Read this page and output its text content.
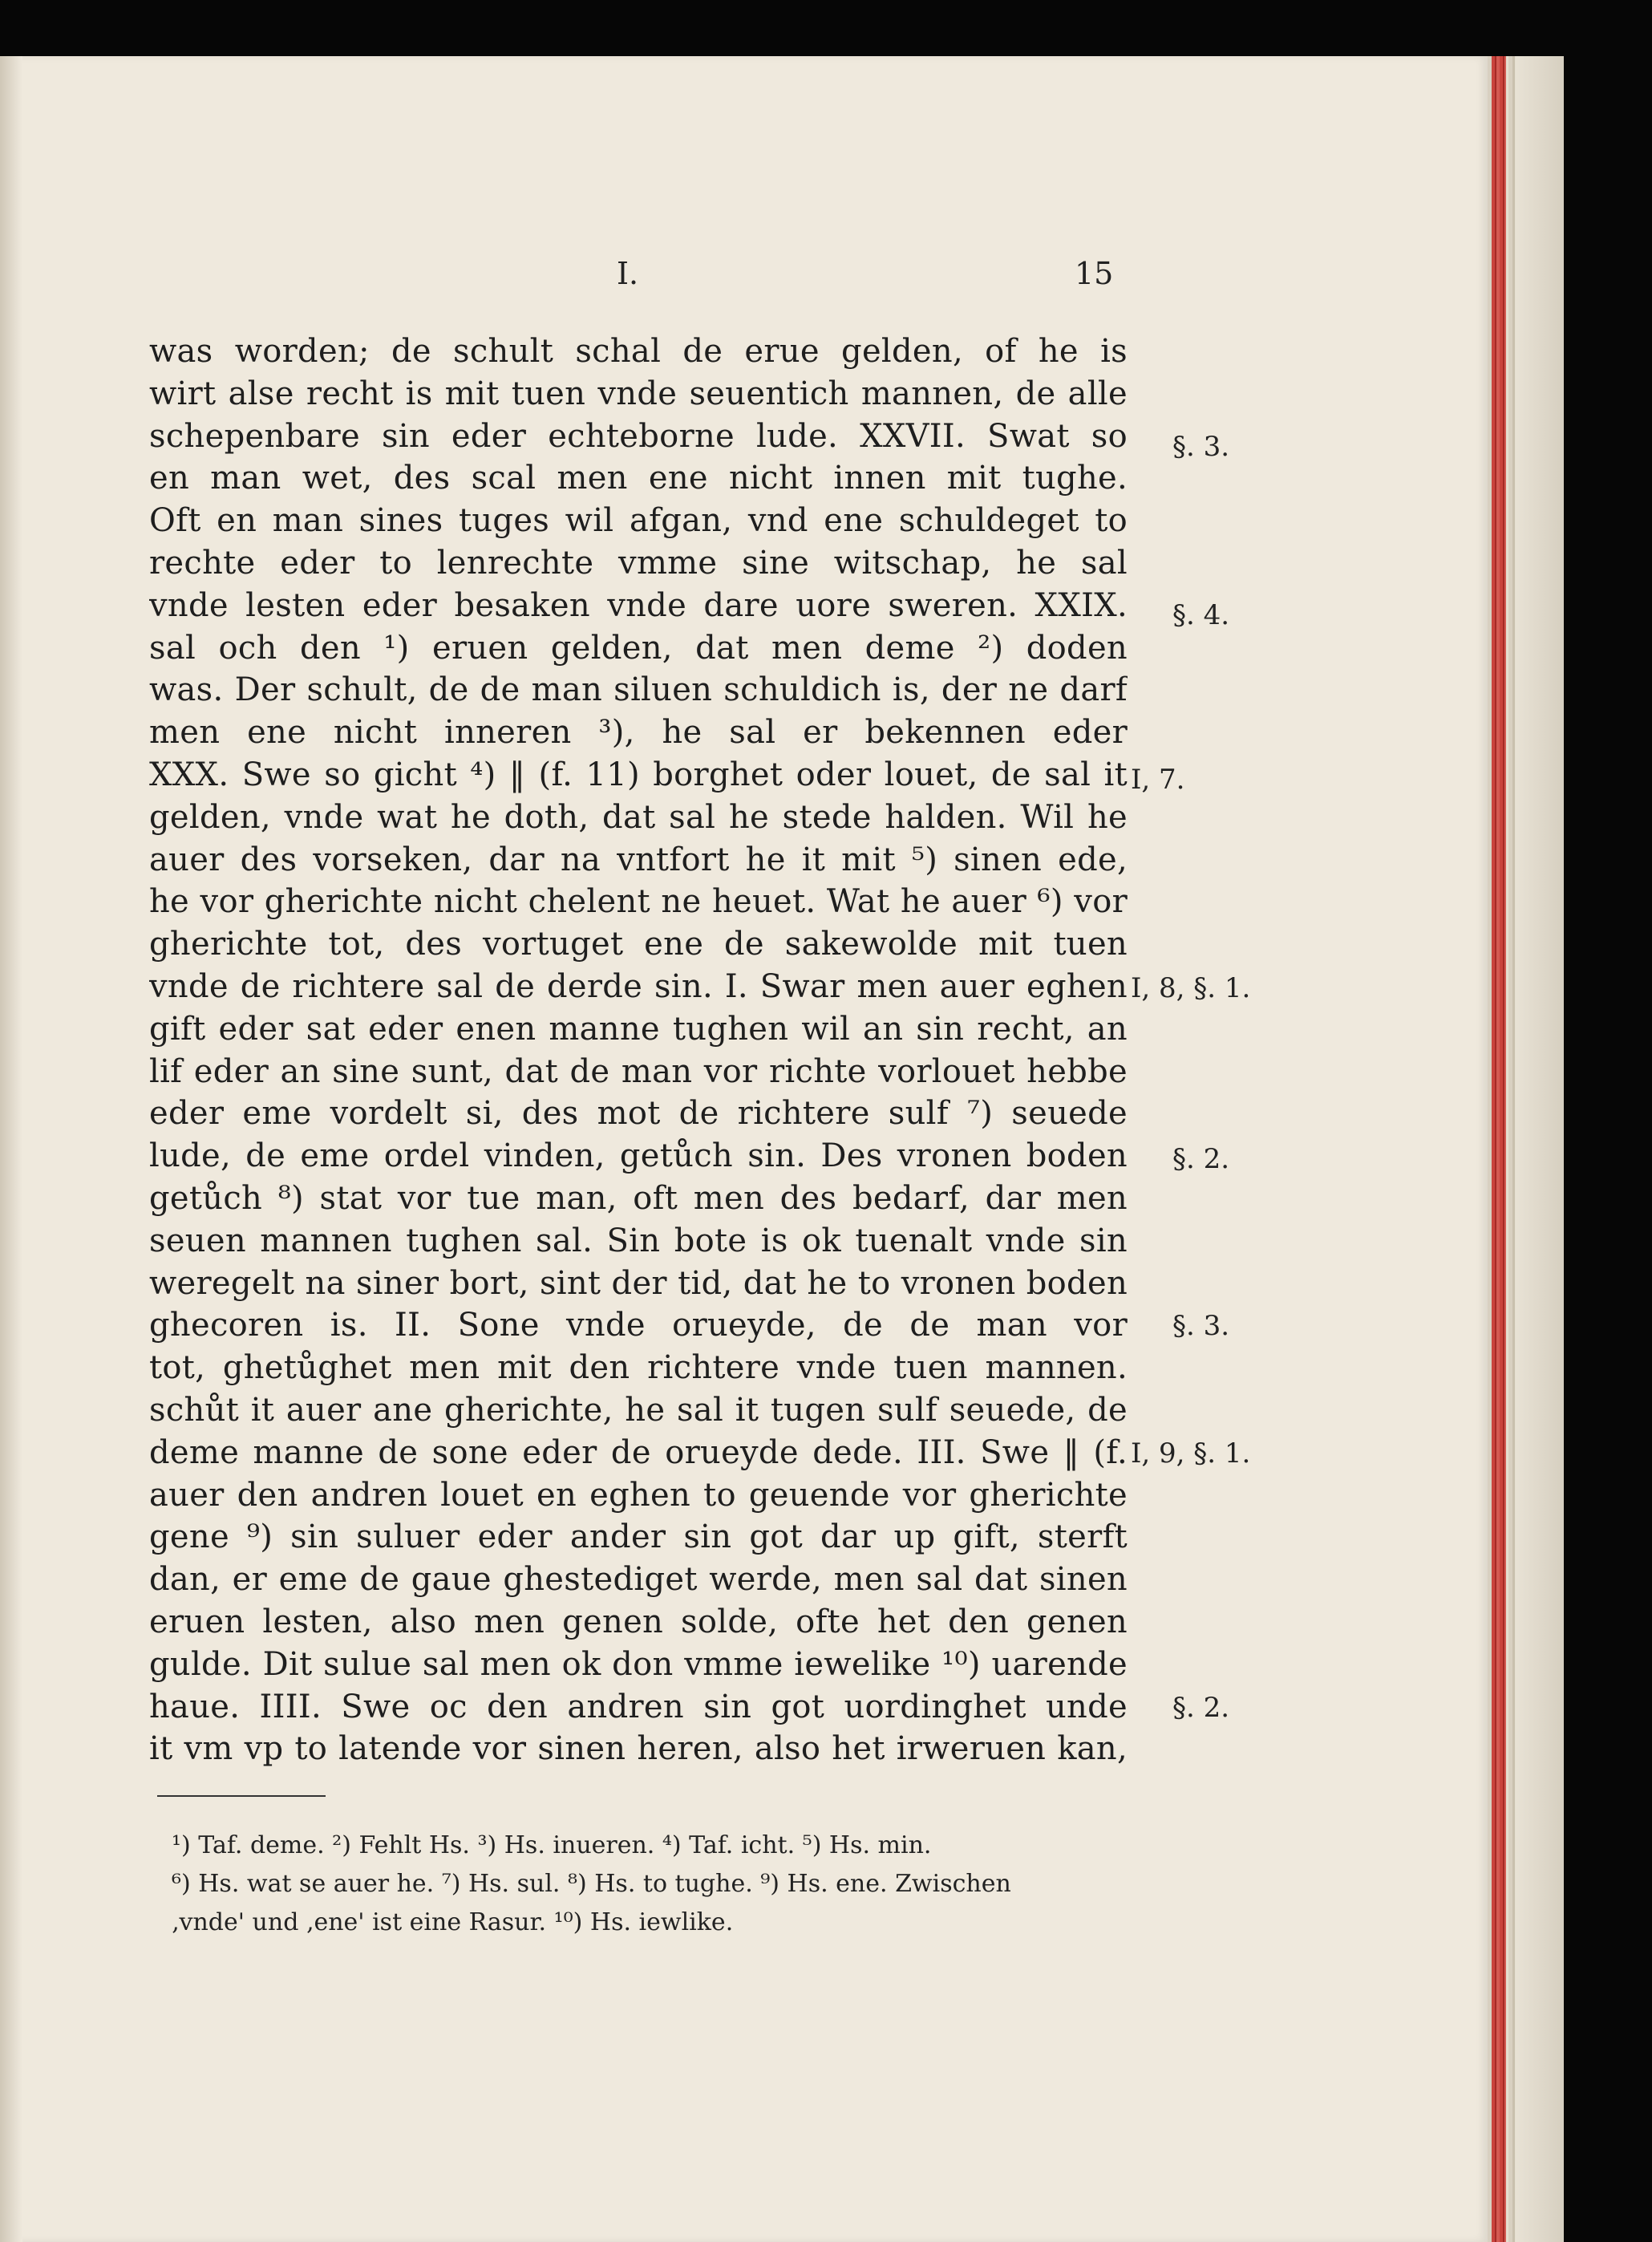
I.	15
was worden; de schult schal de erue gelden, of he is
wirt alse recht is mit tuen vnde seuentich mannen, de alle
schepenbare sin eder echteborne lude. XXVII. Swat so
en man wet, des scal men ene nicht innen mit tughe.
Oft en man sines tuges wil afgan, vnd ene schuldeget to
rechte eder to lenrechte vmme sine witschap, he sal
vnde lesten eder besaken vnde dare uore sweren. XXIX.
sal och den ¹) eruen gelden, dat men deme ²) doden
was. Der schult, de de man siluen schuldich is, der ne darf
men ene nicht inneren ³), he sal er bekennen eder
XXX. Swe so gicht ⁴) ‖ (f. 11) borghet oder louet, de sal it
gelden, vnde wat he doth, dat sal he stede halden. Wil he
auer des vorseken, dar na vntfort he it mit ⁵) sinen ede,
he vor gherichte nicht chelent ne heuet. Wat he auer ⁶) vor
gherichte tot, des vortuget ene de sakewolde mit tuen
vnde de richtere sal de derde sin. I. Swar men auer eghen
gift eder sat eder enen manne tughen wil an sin recht, an
lif eder an sine sunt, dat de man vor richte vorlouet hebbe
eder eme vordelt si, des mot de richtere sulf ⁷) seuede
lude, de eme ordel vinden, getůch sin. Des vronen boden
getůch ⁸) stat vor tue man, oft men des bedarf, dar men
seuen mannen tughen sal. Sin bote is ok tuenalt vnde sin
weregelt na siner bort, sint der tid, dat he to vronen boden
ghecoren is. II. Sone vnde orueyde, de de man vor
tot, ghetůghet men mit den richtere vnde tuen mannen.
schůt it auer ane gherichte, he sal it tugen sulf seuede, de
deme manne de sone eder de orueyde dede. III. Swe ‖ (f.
auer den andren louet en eghen to geuende vor gherichte
gene ⁹) sin suluer eder ander sin got dar up gift, sterft
dan, er eme de gaue ghestediget werde, men sal dat sinen
eruen lesten, also men genen solde, ofte het den genen
gulde. Dit sulue sal men ok don vmme iewelike ¹⁰) uarende
haue. IIII. Swe oc den andren sin got uordinghet unde
it vm vp to latende vor sinen heren, also het irweruen kan,
§. 3.
§. 4.
I, 7.
I, 8, §. 1.
§. 2.
§. 3.
I, 9, §. 1.
§. 2.
¹) Taf. deme. ²) Fehlt Hs. ³) Hs. inueren. ⁴) Taf. icht. ⁵) Hs. min.
⁶) Hs. wat se auer he. ⁷) Hs. sul. ⁸) Hs. to tughe. ⁹) Hs. ene. Zwischen
‚vnde' und ‚ene' ist eine Rasur. ¹⁰) Hs. iewlike.
